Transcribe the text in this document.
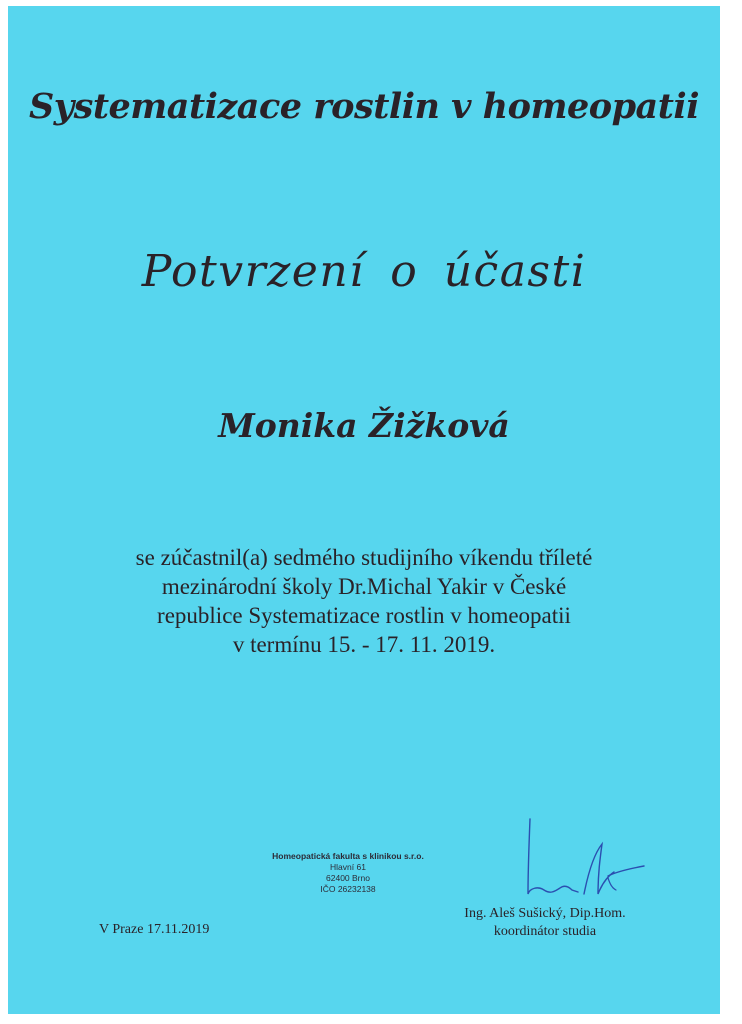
Systematizace rostlin v homeopatii
Potvrzení o účasti
Monika Žižková
se zúčastnil(a) sedmého studijního víkendu tříleté
mezinárodní školy Dr.Michal Yakir v České
republice Systematizace rostlin v homeopatii
v termínu 15. - 17. 11. 2019.
Homeopatická fakulta s klinikou s.r.o.
Hlavní 61
62400 Brno
IČO 26232138
V Praze 17.11.2019
Ing. Aleš Sušický, Dip.Hom.
koordinátor studia
